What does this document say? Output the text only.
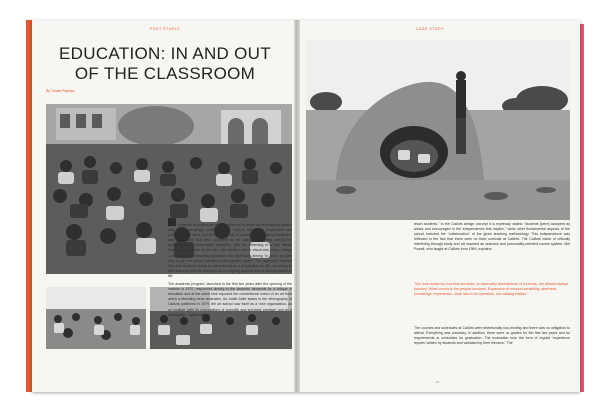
POST STUDIO
EDUCATION: IN AND OUT
OF THE CLASSROOM
By Tomas Raphan
a climate of political and social upheaval, in which the educational system was also increasingly under criticism, CalArts took on a progressive and content-related form. Cut off from the rest of society, an educational institution was established that was conceived as an independent entity, seeing the university as an independent institution. With the stretching of a 'free' faculty that brought together all the arts—film, theatre, dance, visual arts, music, design—a learning and teaching approach was developed aiming "in some peculiar way to get the whole cracked world together again." This approach resulted from the students' desire to see learning as a preparation for life. According to this, learning must be designed as an ongoing process that is directly related to life.
The academic program, launched in the first two years after the opening of the institute in 1970, responded directly to the students' demands for a critique of education and at the same time exposed the conventional notion of an art from which a liberating force emanates. As Judith Adler states in her ethnography of CalArts published in 1979, the art school saw itself as a 'new organization, as an institute (with its connotations of scientific and scholarly prestige) and as a community ... where artists
CASE STUDY
teach students." In the CalArts design concept it is expressly stated: "students [were] accepted as artists and encouraged in the independence this implies," while other fundamental aspects of the school included the "collaboration" of the given teaching methodology. This independence was reflected in the fact that there were no fixed curricula at CalArts. The CalArts vision of critically interfering through study and art required an anarchic and personality-oriented course system. Mel Powell, who taught at CalArts from 1969, explains:
"We must know by now that curricula, or especially descriptions of curricula, are almost always baloney. What counts is the people involved. Expansion of musical sensibility, alertness, knowledge, experience—that has to be operative, not catalog blather."
The courses and schedules at CalArts were intentionally non-binding and there was no obligation to attend. Everything was voluntary. In addition, there were no grades for the first two years and no requirements or schedules for graduation. The evaluation took the form of regular 'experience reports' written by students and validated by their mentors." The
11
